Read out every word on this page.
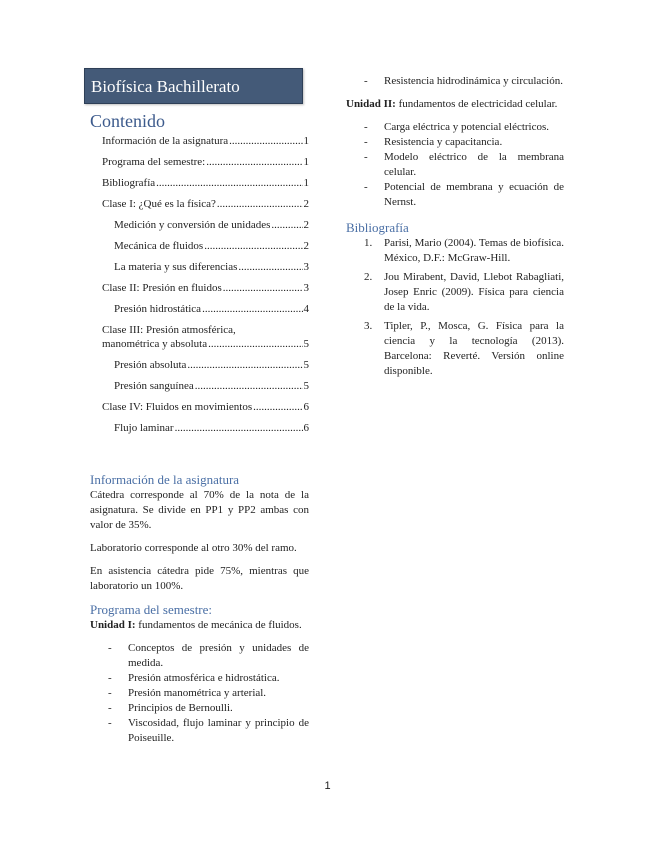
Biofísica Bachillerato
Contenido
Información de la asignatura .....	1
Programa del semestre: .....	1
Bibliografía .....	1
Clase I: ¿Qué es la física? .....	2
Medición y conversión de unidades .....	2
Mecánica de fluidos .....	2
La materia y sus diferencias .....	3
Clase II: Presión en fluidos .....	3
Presión hidrostática .....	4
Clase III: Presión atmosférica,
manométrica y absoluta .....	5
Presión absoluta .....	5
Presión sanguínea .....	5
Clase IV: Fluidos en movimientos .....	6
Flujo laminar .....	6
Información de la asignatura

Cátedra corresponde al 70% de la nota de la asignatura. Se divide en PP1 y PP2 ambas con valor de 35%.

Laboratorio corresponde al otro 30% del ramo.

En asistencia cátedra pide 75%, mientras que laboratorio un 100%.

Programa del semestre:

Unidad I: fundamentos de mecánica de fluidos.

- Conceptos de presión y unidades de medida.
- Presión atmosférica e hidrostática.
- Presión manométrica y arterial.
- Principios de Bernoulli.
- Viscosidad, flujo laminar y principio de Poiseuille.
- Resistencia hidrodinámica y circulación.

Unidad II: fundamentos de electricidad celular.

- Carga eléctrica y potencial eléctricos.
- Resistencia y capacitancia.
- Modelo eléctrico de la membrana celular.
- Potencial de membrana y ecuación de Nernst.
Bibliografía
1. Parisi, Mario (2004). Temas de biofísica. México, D.F.: McGraw-Hill.
2. Jou Mirabent, David, Llebot Rabagliati, Josep Enric (2009). Física para ciencia de la vida.
3. Tipler, P., Mosca, G. Física para la ciencia y la tecnología (2013). Barcelona: Reverté. Versión online disponible.
1
